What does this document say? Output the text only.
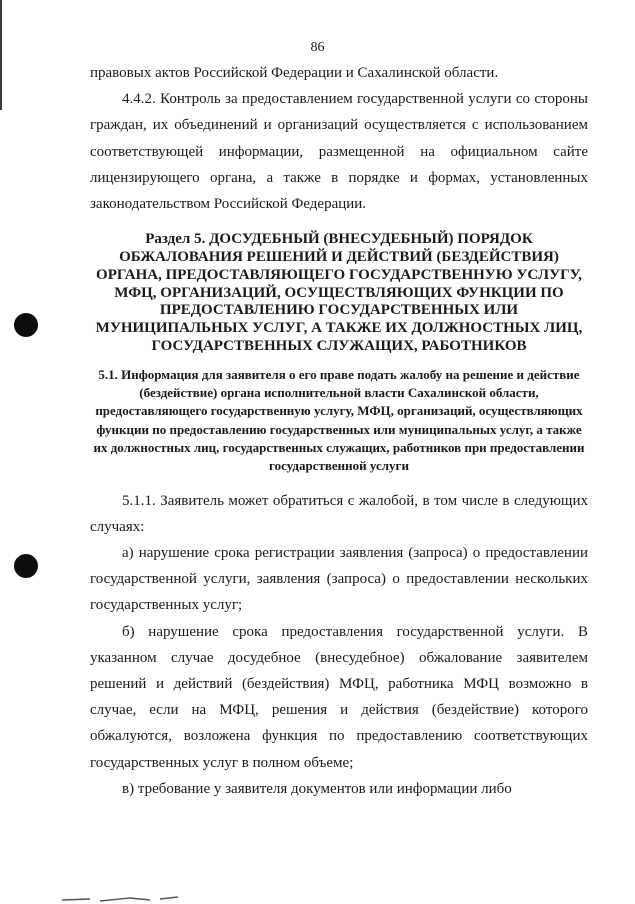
86

правовых актов Российской Федерации и Сахалинской области.

4.4.2. Контроль за предоставлением государственной услуги со стороны граждан, их объединений и организаций осуществляется с использованием соответствующей информации, размещенной на официальном сайте лицензирующего органа, а также в порядке и формах, установленных законодательством Российской Федерации.

Раздел 5. ДОСУДЕБНЫЙ (ВНЕСУДЕБНЫЙ) ПОРЯДОК ОБЖАЛОВАНИЯ РЕШЕНИЙ И ДЕЙСТВИЙ (БЕЗДЕЙСТВИЯ) ОРГАНА, ПРЕДОСТАВЛЯЮЩЕГО ГОСУДАРСТВЕННУЮ УСЛУГУ, МФЦ, ОРГАНИЗАЦИЙ, ОСУЩЕСТВЛЯЮЩИХ ФУНКЦИИ ПО ПРЕДОСТАВЛЕНИЮ ГОСУДАРСТВЕННЫХ ИЛИ МУНИЦИПАЛЬНЫХ УСЛУГ, А ТАКЖЕ ИХ ДОЛЖНОСТНЫХ ЛИЦ, ГОСУДАРСТВЕННЫХ СЛУЖАЩИХ, РАБОТНИКОВ
5.1. Информация для заявителя о его праве подать жалобу на решение и действие (бездействие) органа исполнительной власти Сахалинской области, предоставляющего государственную услугу, МФЦ, организаций, осуществляющих функции по предоставлению государственных или муниципальных услуг, а также их должностных лиц, государственных служащих, работников при предоставлении государственной услуги

5.1.1. Заявитель может обратиться с жалобой, в том числе в следующих случаях:

а) нарушение срока регистрации заявления (запроса) о предоставлении государственной услуги, заявления (запроса) о предоставлении нескольких государственных услуг;

б) нарушение срока предоставления государственной услуги. В указанном случае досудебное (внесудебное) обжалование заявителем решений и действий (бездействия) МФЦ, работника МФЦ возможно в случае, если на МФЦ, решения и действия (бездействие) которого обжалуются, возложена функция по предоставлению соответствующих государственных услуг в полном объеме;

в) требование у заявителя документов или информации либо
